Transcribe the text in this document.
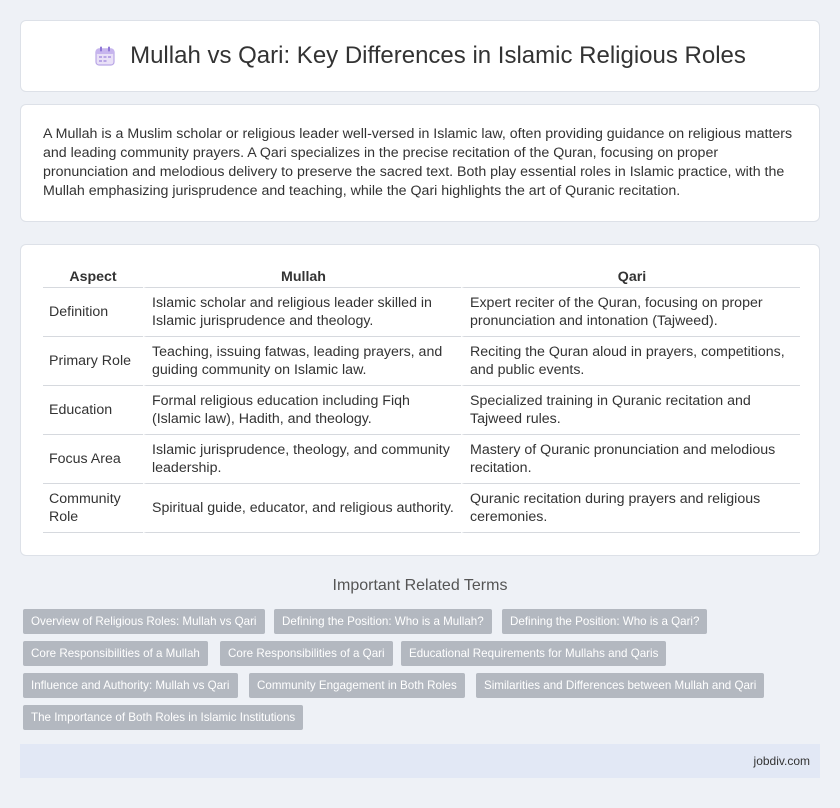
Mullah vs Qari: Key Differences in Islamic Religious Roles

A Mullah is a Muslim scholar or religious leader well-versed in Islamic law, often providing guidance on religious matters and leading community prayers. A Qari specializes in the precise recitation of the Quran, focusing on proper pronunciation and melodious delivery to preserve the sacred text. Both play essential roles in Islamic practice, with the Mullah emphasizing jurisprudence and teaching, while the Qari highlights the art of Quranic recitation.

Aspect	Mullah	Qari
Definition	Islamic scholar and religious leader skilled in Islamic jurisprudence and theology.	Expert reciter of the Quran, focusing on proper pronunciation and intonation (Tajweed).
Primary Role	Teaching, issuing fatwas, leading prayers, and guiding community on Islamic law.	Reciting the Quran aloud in prayers, competitions, and public events.
Education	Formal religious education including Fiqh (Islamic law), Hadith, and theology.	Specialized training in Quranic recitation and Tajweed rules.
Focus Area	Islamic jurisprudence, theology, and community leadership.	Mastery of Quranic pronunciation and melodious recitation.
Community Role	Spiritual guide, educator, and religious authority.	Quranic recitation during prayers and religious ceremonies.
Important Related Terms
Overview of Religious Roles: Mullah vs Qari	Defining the Position: Who is a Mullah?	Defining the Position: Who is a Qari?
Core Responsibilities of a Mullah	Core Responsibilities of a Qari	Educational Requirements for Mullahs and Qaris
Influence and Authority: Mullah vs Qari	Community Engagement in Both Roles	Similarities and Differences between Mullah and Qari
The Importance of Both Roles in Islamic Institutions
jobdiv.com
